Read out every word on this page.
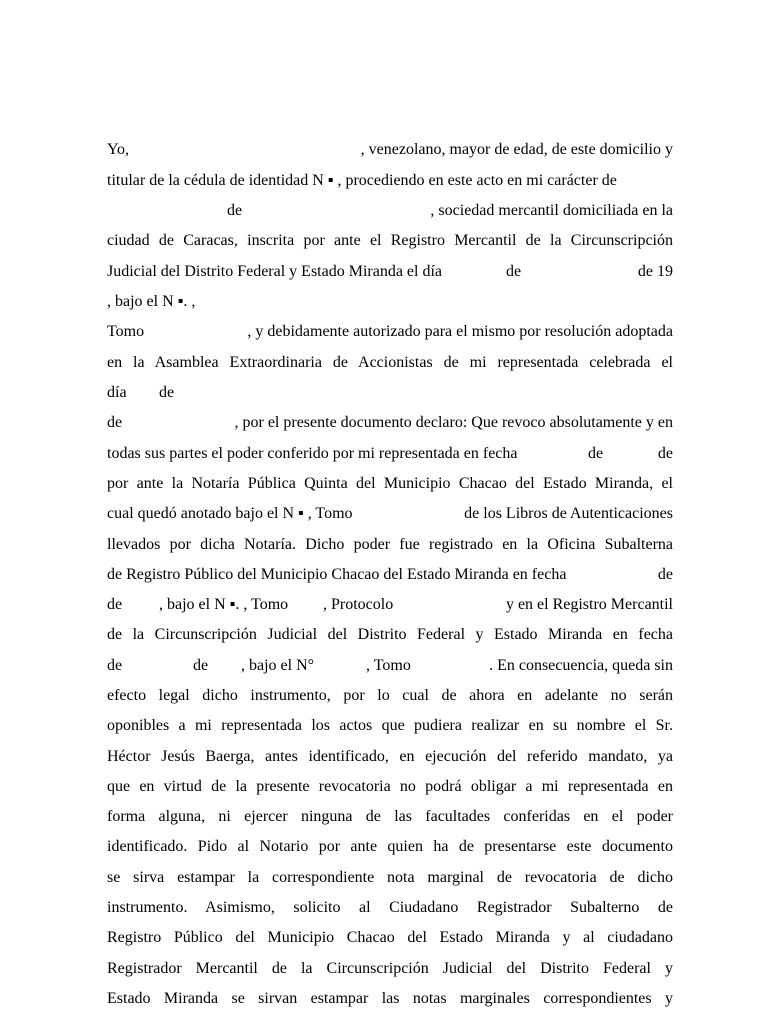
Yo,	, venezolano, mayor de edad, de este domicilio y
titular de la cédula de identidad N ▪ , procediendo en este acto en mi carácter de
de	, sociedad mercantil domiciliada en la
ciudad de Caracas, inscrita por ante el Registro Mercantil de la Circunscripción
Judicial del Distrito Federal y Estado Miranda el día	de	de 19
, bajo el N ▪. ,
Tomo	, y debidamente autorizado para el mismo por resolución adoptada
en la Asamblea Extraordinaria de Accionistas de mi representada celebrada el
día de
de	, por el presente documento declaro: Que revoco absolutamente y en
todas sus partes el poder conferido por mi representada en fecha	de	de
por ante la Notaría Pública Quinta del Municipio Chacao del Estado Miranda, el
cual quedó anotado bajo el N ▪ , Tomo	de los Libros de Autenticaciones
llevados por dicha Notaría. Dicho poder fue registrado en la Oficina Subalterna
de Registro Público del Municipio Chacao del Estado Miranda en fecha	de
de , bajo el N ▪. , Tomo , Protocolo	y en el Registro Mercantil
de la Circunscripción Judicial del Distrito Federal y Estado Miranda en fecha
de	de , bajo el N°	, Tomo	. En consecuencia, queda sin
efecto legal dicho instrumento, por lo cual de ahora en adelante no serán
oponibles a mi representada los actos que pudiera realizar en su nombre el Sr.
Héctor Jesús Baerga, antes identificado, en ejecución del referido mandato, ya
que en virtud de la presente revocatoria no podrá obligar a mi representada en
forma alguna, ni ejercer ninguna de las facultades conferidas en el poder
identificado. Pido al Notario por ante quien ha de presentarse este documento
se sirva estampar la correspondiente nota marginal de revocatoria de dicho
instrumento. Asimismo, solicito al Ciudadano Registrador Subalterno de
Registro Público del Municipio Chacao del Estado Miranda y al ciudadano
Registrador Mercantil de la Circunscripción Judicial del Distrito Federal y
Estado Miranda se sirvan estampar las notas marginales correspondientes y
